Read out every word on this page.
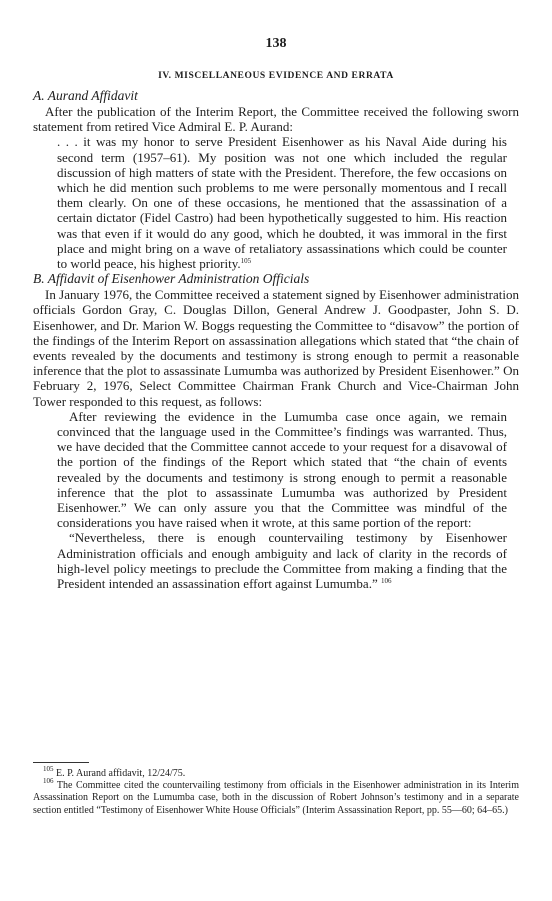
138
IV. MISCELLANEOUS EVIDENCE AND ERRATA

A. Aurand Affidavit

After the publication of the Interim Report, the Committee received the following sworn statement from retired Vice Admiral E. P. Aurand:

. . . it was my honor to serve President Eisenhower as his Naval Aide during his second term (1957–61). My position was not one which included the regular discussion of high matters of state with the President. Therefore, the few occasions on which he did mention such problems to me were personally momentous and I recall them clearly. On one of these occasions, he mentioned that the assassination of a certain dictator (Fidel Castro) had been hypothetically suggested to him. His reaction was that even if it would do any good, which he doubted, it was immoral in the first place and might bring on a wave of retaliatory assassinations which could be counter to world peace, his highest priority.$^{105}$

B. Affidavit of Eisenhower Administration Officials

In January 1976, the Committee received a statement signed by Eisenhower administration officials Gordon Gray, C. Douglas Dillon, General Andrew J. Goodpaster, John S. D. Eisenhower, and Dr. Marion W. Boggs requesting the Committee to “disavow” the portion of the findings of the Interim Report on assassination allegations which stated that “the chain of events revealed by the documents and testimony is strong enough to permit a reasonable inference that the plot to assassinate Lumumba was authorized by President Eisenhower.” On February 2, 1976, Select Committee Chairman Frank Church and Vice-Chairman John Tower responded to this request, as follows:

After reviewing the evidence in the Lumumba case once again, we remain convinced that the language used in the Committee’s findings was warranted. Thus, we have decided that the Committee cannot accede to your request for a disavowal of the portion of the findings of the Report which stated that “the chain of events revealed by the documents and testimony is strong enough to permit a reasonable inference that the plot to assassinate Lumumba was authorized by President Eisenhower.” We can only assure you that the Committee was mindful of the considerations you have raised when it wrote, at this same portion of the report:

“Nevertheless, there is enough countervailing testimony by Eisenhower Administration officials and enough ambiguity and lack of clarity in the records of high-level policy meetings to preclude the Committee from making a finding that the President intended an assassination effort against Lumumba.” $^{106}$

$^{105}$ E. P. Aurand affidavit, 12/24/75.

$^{106}$ The Committee cited the countervailing testimony from officials in the Eisenhower administration in its Interim Assassination Report on the Lumumba case, both in the discussion of Robert Johnson’s testimony and in a separate section entitled “Testimony of Eisenhower White House Officials” (Interim Assassination Report, pp. 55—60; 64–65.)
